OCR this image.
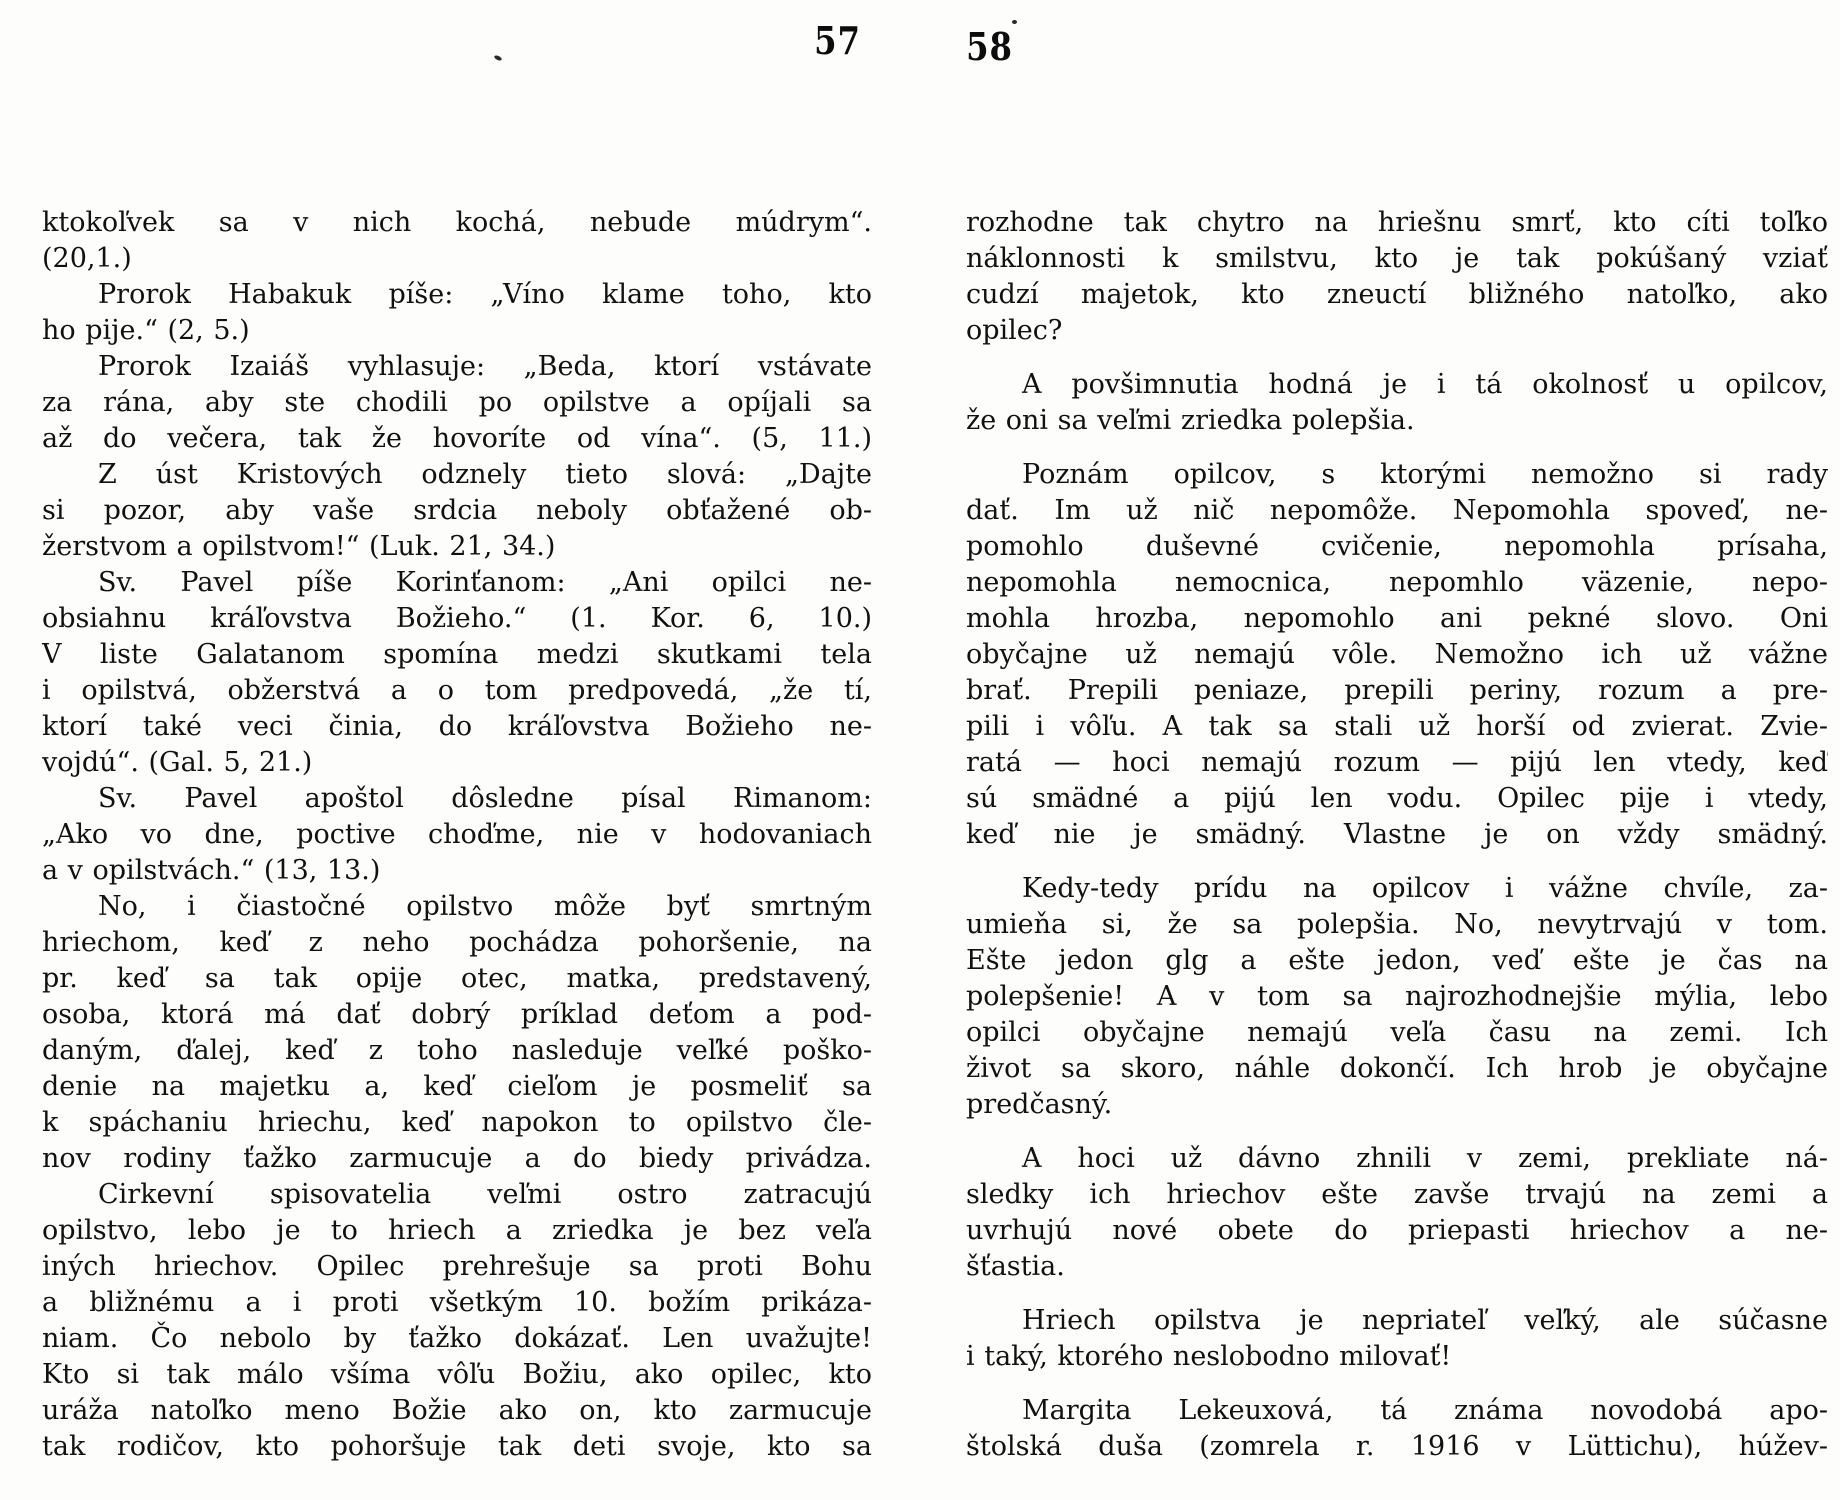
57	58
ktokoľvek sa v nich kochá, nebude múdrym“.
(20,1.)
Prorok Habakuk píše: „Víno klame toho, kto
ho pije.“ (2, 5.)
Prorok Izaiáš vyhlasuje: „Beda, ktorí vstávate
za rána, aby ste chodili po opilstve a opíjali sa
až do večera, tak že hovoríte od vína“. (5, 11.)
Z úst Kristových odznely tieto slová: „Dajte
si pozor, aby vaše srdcia neboly obťažené ob-
žerstvom a opilstvom!“ (Luk. 21, 34.)
Sv. Pavel píše Korinťanom: „Ani opilci ne-
obsiahnu kráľovstva Božieho.“ (1. Kor. 6, 10.)
V liste Galatanom spomína medzi skutkami tela
i opilstvá, obžerstvá a o tom predpovedá, „že tí,
ktorí také veci činia, do kráľovstva Božieho ne-
vojdú“. (Gal. 5, 21.)
Sv. Pavel apoštol dôsledne písal Rimanom:
„Ako vo dne, poctive choďme, nie v hodovaniach
a v opilstvách.“ (13, 13.)
No, i čiastočné opilstvo môže byť smrtným
hriechom, keď z neho pochádza pohoršenie, na
pr. keď sa tak opije otec, matka, predstavený,
osoba, ktorá má dať dobrý príklad deťom a pod-
daným, ďalej, keď z toho nasleduje veľké poško-
denie na majetku a, keď cieľom je posmeliť sa
k spáchaniu hriechu, keď napokon to opilstvo čle-
nov rodiny ťažko zarmucuje a do biedy privádza.
Cirkevní spisovatelia veľmi ostro zatracujú
opilstvo, lebo je to hriech a zriedka je bez veľa
iných hriechov. Opilec prehrešuje sa proti Bohu
a bližnému a i proti všetkým 10. božím prikáza-
niam. Čo nebolo by ťažko dokázať. Len uvažujte!
Kto si tak málo všíma vôľu Božiu, ako opilec, kto
uráža natoľko meno Božie ako on, kto zarmucuje
tak rodičov, kto pohoršuje tak deti svoje, kto sa
rozhodne tak chytro na hriešnu smrť, kto cíti toľko
náklonnosti k smilstvu, kto je tak pokúšaný vziať
cudzí majetok, kto zneuctí bližného natoľko, ako
opilec?
A povšimnutia hodná je i tá okolnosť u opilcov,
že oni sa veľmi zriedka polepšia.
Poznám opilcov, s ktorými nemožno si rady
dať. Im už nič nepomôže. Nepomohla spoveď, ne-
pomohlo duševné cvičenie, nepomohla prísaha,
nepomohla nemocnica, nepomhlo väzenie, nepo-
mohla hrozba, nepomohlo ani pekné slovo. Oni
obyčajne už nemajú vôle. Nemožno ich už vážne
brať. Prepili peniaze, prepili periny, rozum a pre-
pili i vôľu. A tak sa stali už horší od zvierat. Zvie-
ratá — hoci nemajú rozum — pijú len vtedy, keď
sú smädné a pijú len vodu. Opilec pije i vtedy,
keď nie je smädný. Vlastne je on vždy smädný.
Kedy-tedy prídu na opilcov i vážne chvíle, za-
umieňa si, že sa polepšia. No, nevytrvajú v tom.
Ešte jedon glg a ešte jedon, veď ešte je čas na
polepšenie! A v tom sa najrozhodnejšie mýlia, lebo
opilci obyčajne nemajú veľa času na zemi. Ich
život sa skoro, náhle dokončí. Ich hrob je obyčajne
predčasný.
A hoci už dávno zhnili v zemi, prekliate ná-
sledky ich hriechov ešte zavše trvajú na zemi a
uvrhujú nové obete do priepasti hriechov a ne-
šťastia.
Hriech opilstva je nepriateľ veľký, ale súčasne
i taký, ktorého neslobodno milovať!
Margita Lekeuxová, tá známa novodobá apo-
štolská duša (zomrela r. 1916 v Lüttichu), húžev-
